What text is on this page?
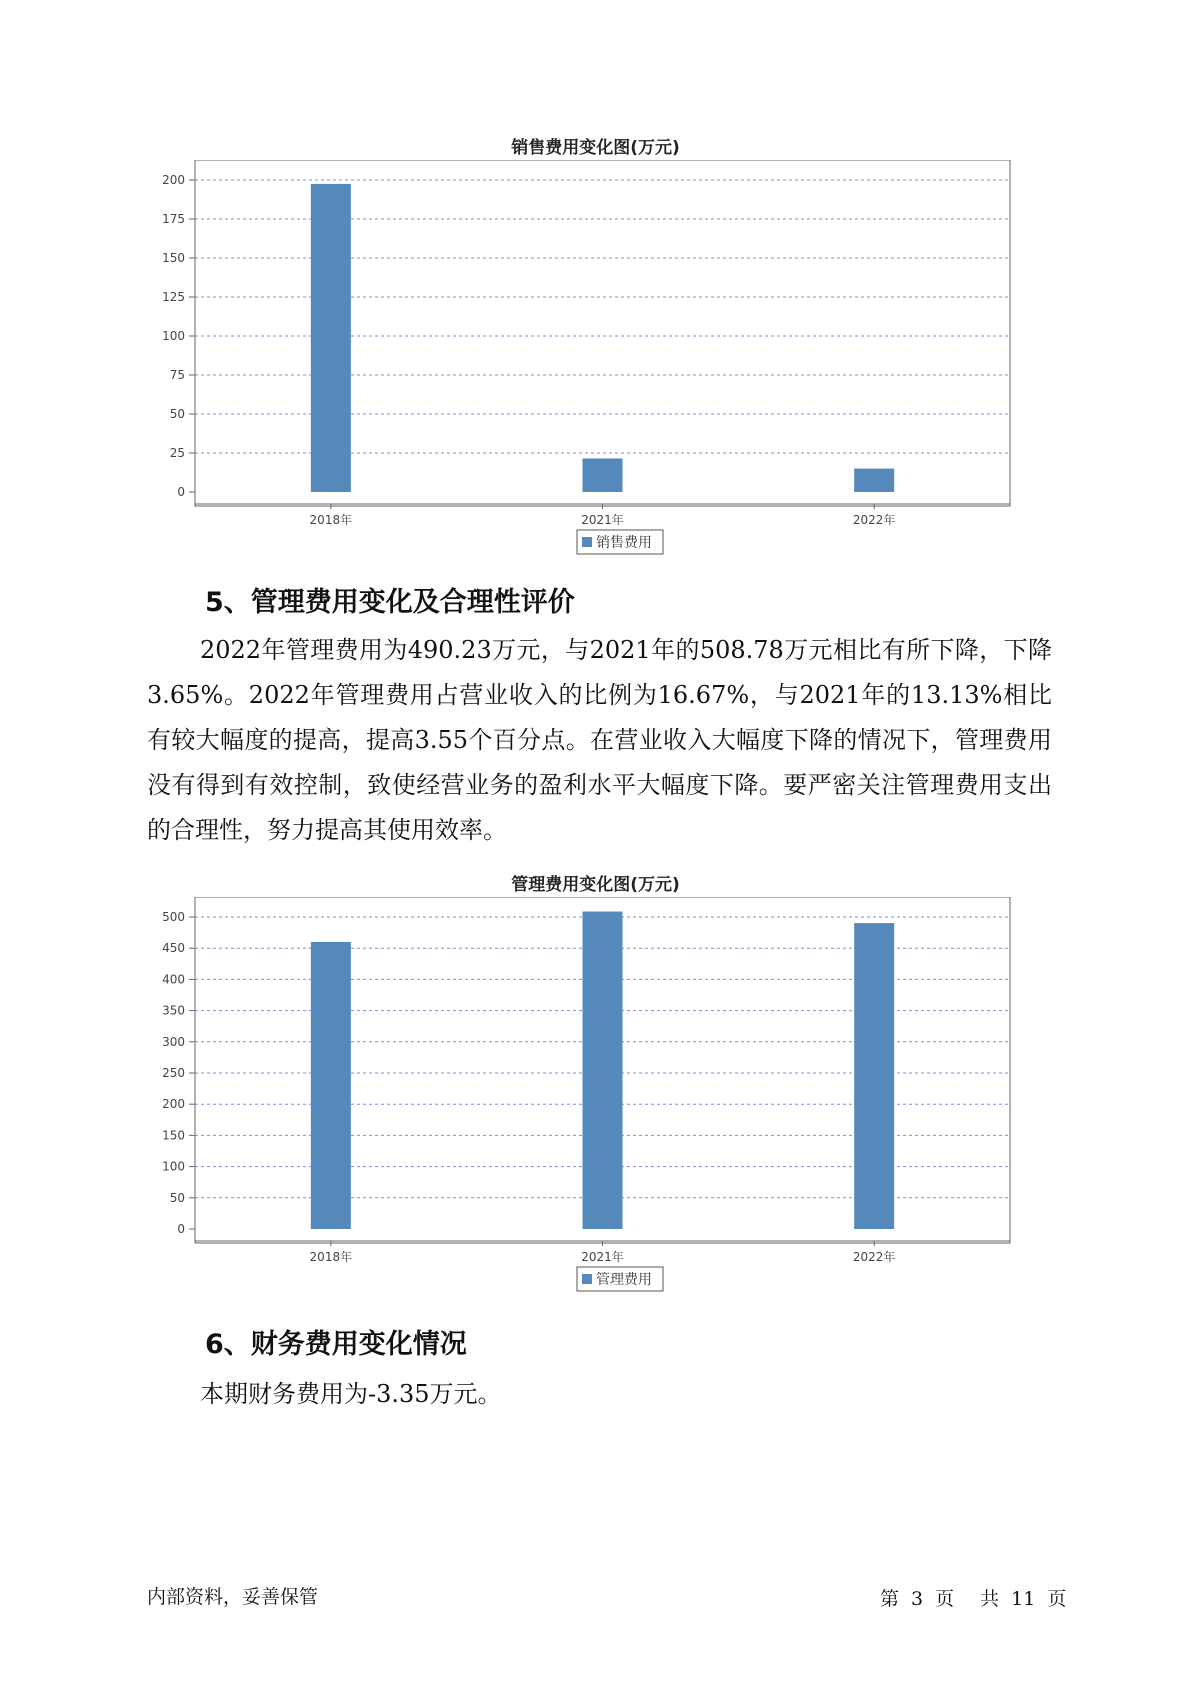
销售费用变化图(万元)
0
25
50
75
100
125
150
175
200
2018年	2021年	2022年
销售费用
5、管理费用变化及合理性评价
2022年管理费用为490.23万元，与2021年的508.78万元相比有所下降，下降3.65%。2022年管理费用占营业收入的比例为16.67%，与2021年的13.13%相比有较大幅度的提高，提高3.55个百分点。在营业收入大幅度下降的情况下，管理费用没有得到有效控制，致使经营业务的盈利水平大幅度下降。要严密关注管理费用支出的合理性，努力提高其使用效率。
管理费用变化图(万元)
0
50
100
150
200
250
300
350
400
450
500
2018年	2021年	2022年
管理费用
6、财务费用变化情况
本期财务费用为-3.35万元。
内部资料，妥善保管	第 3 页 共 11 页
